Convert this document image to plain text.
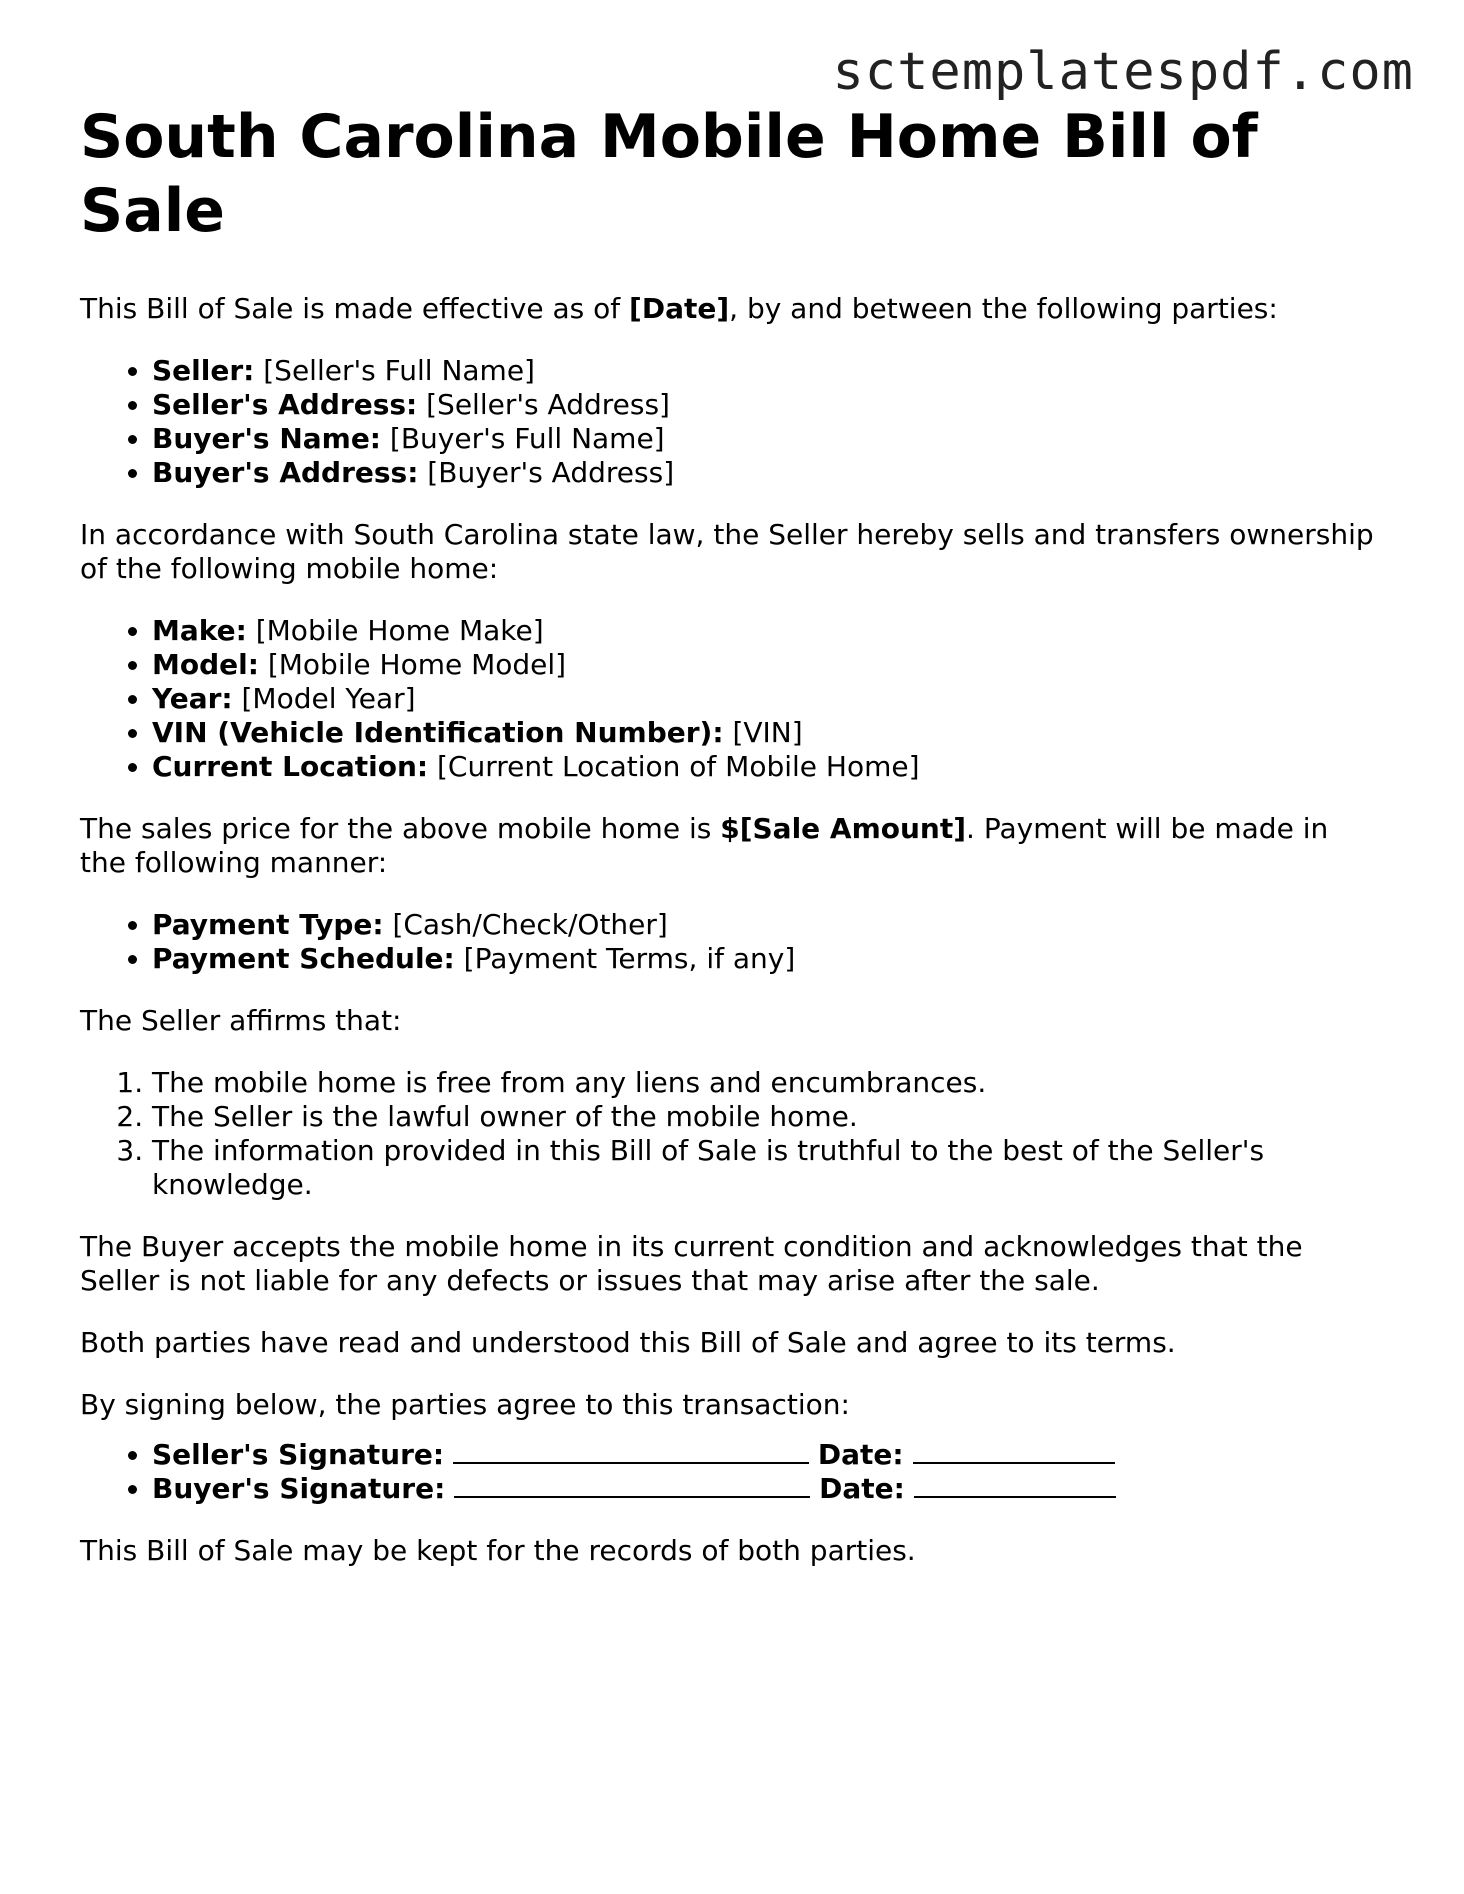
sctemplatespdf.com
South Carolina Mobile Home Bill of Sale

This Bill of Sale is made effective as of [Date], by and between the following parties:

• Seller: [Seller's Full Name]
• Seller's Address: [Seller's Address]
• Buyer's Name: [Buyer's Full Name]
• Buyer's Address: [Buyer's Address]

In accordance with South Carolina state law, the Seller hereby sells and transfers ownership of the following mobile home:

• Make: [Mobile Home Make]
• Model: [Mobile Home Model]
• Year: [Model Year]
• VIN (Vehicle Identification Number): [VIN]
• Current Location: [Current Location of Mobile Home]

The sales price for the above mobile home is $[Sale Amount]. Payment will be made in the following manner:

• Payment Type: [Cash/Check/Other]
• Payment Schedule: [Payment Terms, if any]

The Seller affirms that:

1. The mobile home is free from any liens and encumbrances.
2. The Seller is the lawful owner of the mobile home.
3. The information provided in this Bill of Sale is truthful to the best of the Seller's knowledge.

The Buyer accepts the mobile home in its current condition and acknowledges that the Seller is not liable for any defects or issues that may arise after the sale.

Both parties have read and understood this Bill of Sale and agree to its terms.

By signing below, the parties agree to this transaction:

• Seller's Signature:	Date:
• Buyer's Signature:	Date:

This Bill of Sale may be kept for the records of both parties.
